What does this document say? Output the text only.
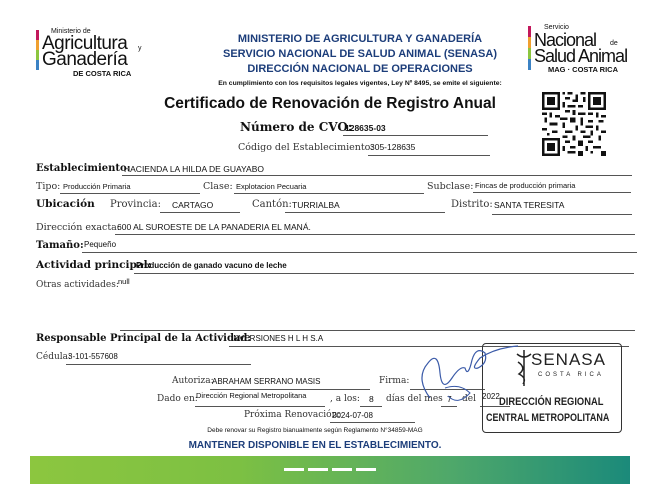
Ministerio de
Agricultura y
Ganadería
DE COSTA RICA
MINISTERIO DE AGRICULTURA Y GANADERÍA
SERVICIO NACIONAL DE SALUD ANIMAL (SENASA)
DIRECCIÓN NACIONAL DE OPERACIONES
En cumplimiento con los requisitos legales vigentes, Ley Nº 8495, se emite el siguiente:
Servicio
Nacional de
Salud Animal
MAG · COSTA RICA
Certificado de Renovación de Registro Anual
Número de CVO:
128635-03
Código del Establecimiento:
305-128635
Establecimiento:
HACIENDA LA HILDA DE GUAYABO
Tipo: Producción Primaria	Clase: Explotacion Pecuaria	Subclase: Fincas de producción primaria
Ubicación Provincia: CARTAGO	Cantón: TURRIALBA	Distrito: SANTA TERESITA
Dirección exacta:
600 AL SUROESTE DE LA PANADERIA EL MANÁ.
Tamaño: Pequeño
Actividad principal:
Producción de ganado vacuno de leche
Otras actividades: null
Responsable Principal de la Actividad:
INVERSIONES H L H S.A
Cédula:
3-101-557608
Autoriza:
ABRAHAM SERRANO MASIS	Firma:
Dado en:
Dirección Regional Metropolitana	, a los: 8 días del mes 7 del 2022
Próxima Renovación:
2024-07-08
Debe renovar su Registro bianualmente según Reglamento N°34859-MAG
MANTENER DISPONIBLE EN EL ESTABLECIMIENTO.
SENASA
COSTA RICA
DIRECCIÓN REGIONAL
CENTRAL METROPOLITANA
